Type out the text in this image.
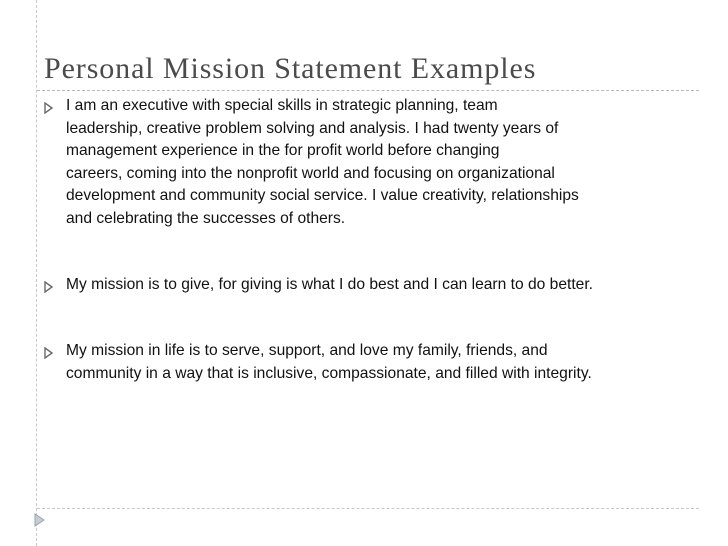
Personal Mission Statement Examples
I am an executive with special skills in strategic planning, team
leadership, creative problem solving and analysis. I had twenty years of
management experience in the for profit world before changing
careers, coming into the nonprofit world and focusing on organizational
development and community social service. I value creativity, relationships
and celebrating the successes of others.
My mission is to give, for giving is what I do best and I can learn to do better.
My mission in life is to serve, support, and love my family, friends, and
community in a way that is inclusive, compassionate, and filled with integrity.
